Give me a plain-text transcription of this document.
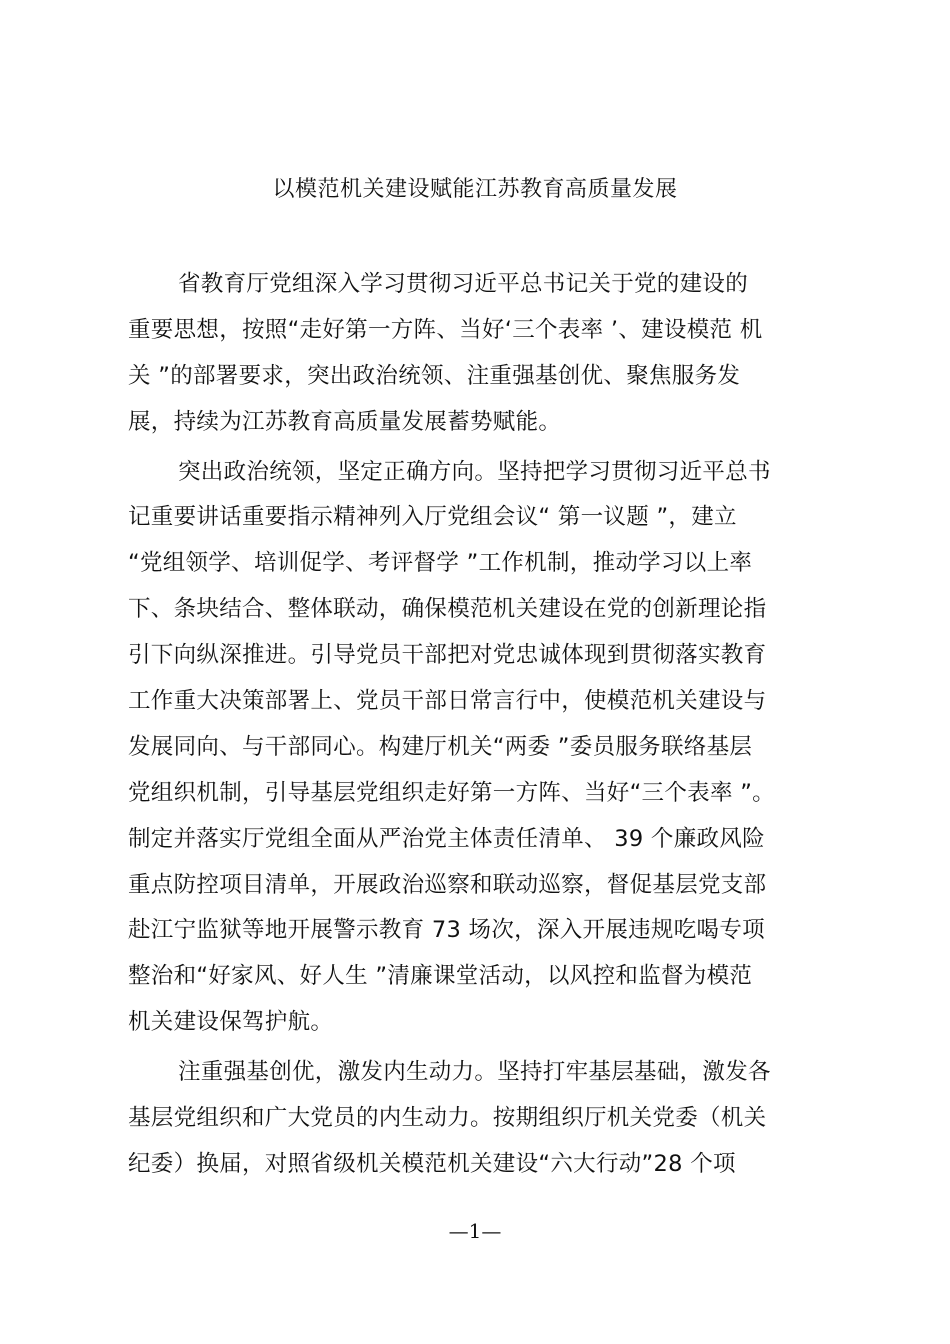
以模范机关建设赋能江苏教育高质量发展
省教育厅党组深入学习贯彻习近平总书记关于党的建设的
重要思想，按照“走好第一方阵、当好‘三个表率 ’、建设模范 机
关 ”的部署要求，突出政治统领、注重强基创优、聚焦服务发
展，持续为江苏教育高质量发展蓄势赋能。
突出政治统领，坚定正确方向。坚持把学习贯彻习近平总书
记重要讲话重要指示精神列入厅党组会议“ 第一议题 ”，建立
“党组领学、培训促学、考评督学 ”工作机制，推动学习以上率
下、条块结合、整体联动，确保模范机关建设在党的创新理论指
引下向纵深推进。引导党员干部把对党忠诚体现到贯彻落实教育
工作重大决策部署上、党员干部日常言行中，使模范机关建设与
发展同向、与干部同心。构建厅机关“两委 ”委员服务联络基层
党组织机制，引导基层党组织走好第一方阵、当好“三个表率 ”。
制定并落实厅党组全面从严治党主体责任清单、 39 个廉政风险
重点防控项目清单，开展政治巡察和联动巡察，督促基层党支部
赴江宁监狱等地开展警示教育 73 场次，深入开展违规吃喝专项
整治和“好家风、好人生 ”清廉课堂活动，以风控和监督为模范
机关建设保驾护航。
注重强基创优，激发内生动力。坚持打牢基层基础，激发各
基层党组织和广大党员的内生动力。按期组织厅机关党委（机关
纪委）换届，对照省级机关模范机关建设“六大行动”28 个项
—1—
